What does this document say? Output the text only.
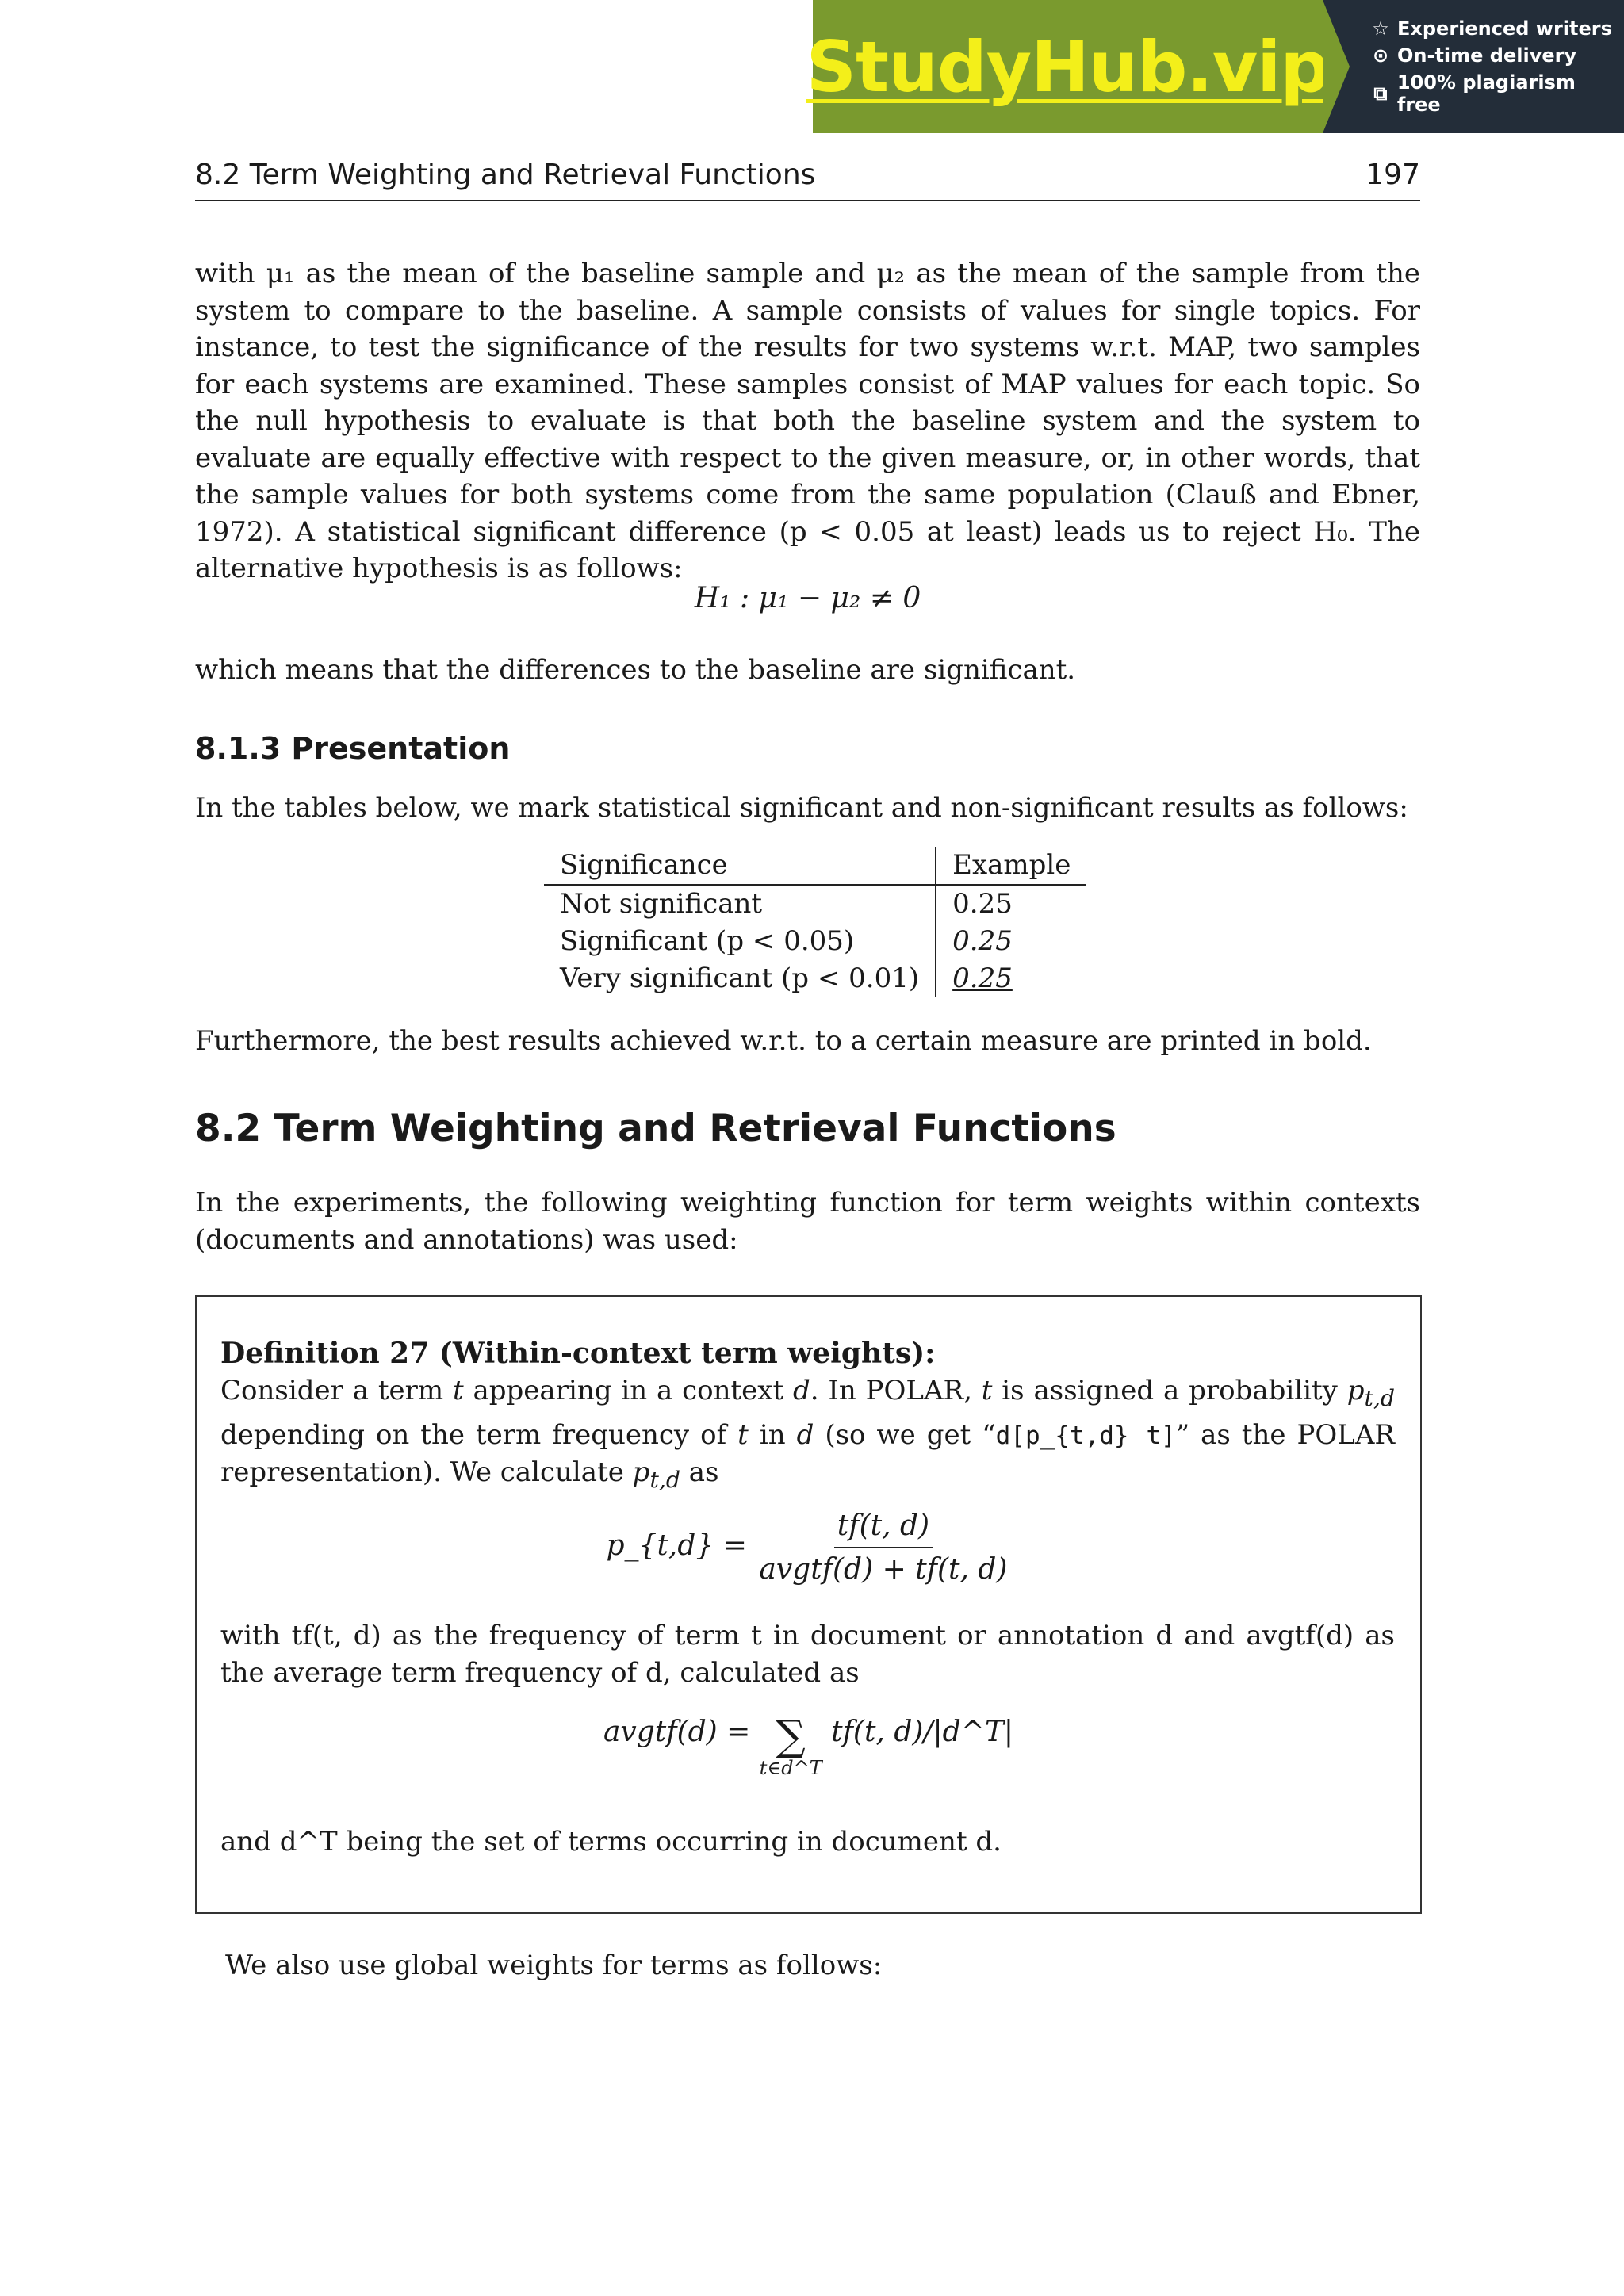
StudyHub.vip ☆ Experienced writers
⊙ On-time delivery
⧉ 100% plagiarism free
8.2 Term Weighting and Retrieval Functions	197
with μ₁ as the mean of the baseline sample and μ₂ as the mean of the sample from the system to compare to the baseline. A sample consists of values for single topics. For instance, to test the significance of the results for two systems w.r.t. MAP, two samples for each systems are examined. These samples consist of MAP values for each topic. So the null hypothesis to evaluate is that both the baseline system and the system to evaluate are equally effective with respect to the given measure, or, in other words, that the sample values for both systems come from the same population (Clauß and Ebner, 1972). A statistical significant difference (p < 0.05 at least) leads us to reject H₀. The alternative hypothesis is as follows:
H₁ : μ₁ − μ₂ ≠ 0
which means that the differences to the baseline are significant.
8.1.3 Presentation
In the tables below, we mark statistical significant and non-significant results as follows:
Significance	Example
Not significant	0.25
Significant (p < 0.05)	0.25
Very significant (p < 0.01)	0.25
Furthermore, the best results achieved w.r.t. to a certain measure are printed in bold.
8.2 Term Weighting and Retrieval Functions
In the experiments, the following weighting function for term weights within contexts (documents and annotations) was used:
Definition 27 (Within-context term weights):
Consider a term t appearing in a context d. In POLAR, t is assigned a probability $p_{t,d}$ depending on the term frequency of t in d (so we get “d[p_{t,d} t]” as the POLAR representation). We calculate $p_{t,d}$ as
p_{t,d} = $\frac{tf(t, d)}{\text{avgtf(d) + tf(t, d)}}$
with tf(t, d) as the frequency of term t in document or annotation d and avgtf(d) as the average term frequency of d, calculated as
avgtf(d) = ∑
t∈d^T
tf(t, d)/|d^T|
and d^T being the set of terms occurring in document d.
We also use global weights for terms as follows:
